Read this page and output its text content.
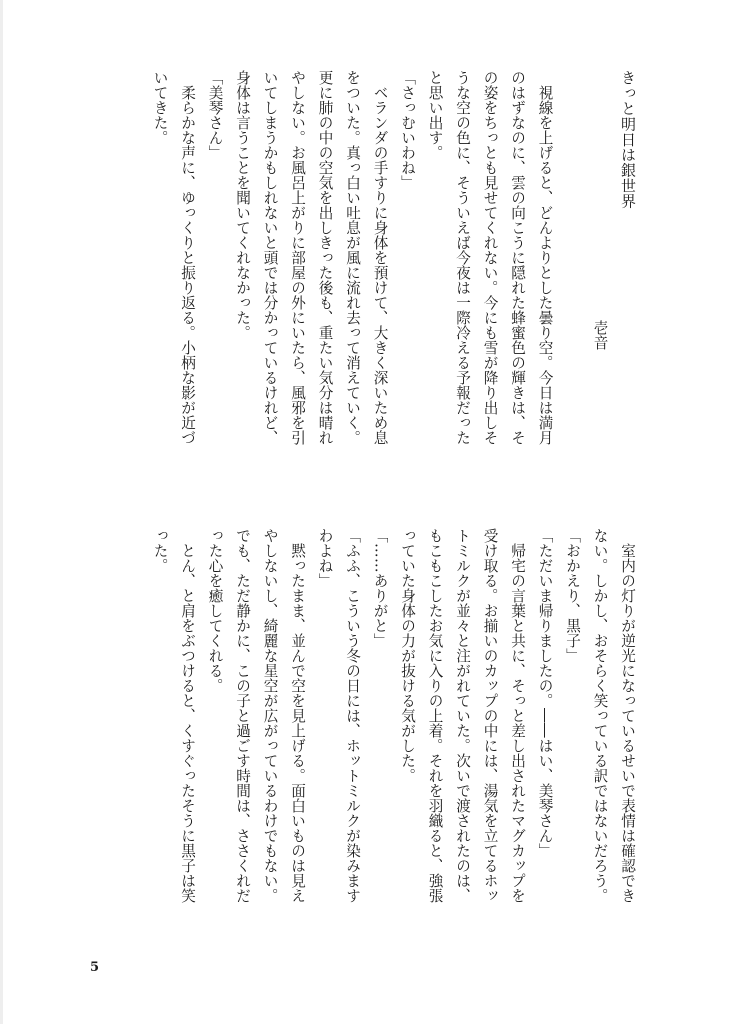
きっと明日は銀世界

壱音

視線を上げると、どんよりとした曇り空。今日は満月

のはずなのに、雲の向こうに隠れた蜂蜜色の輝きは、そ

の姿をちっとも見せてくれない。今にも雪が降り出しそ

うな空の色に、そういえば今夜は一際冷える予報だった

と思い出す。

「さっむいわね」

ベランダの手すりに身体を預けて、大きく深いため息

をついた。真っ白い吐息が風に流れ去って消えていく。

更に肺の中の空気を出しきった後も、重たい気分は晴れ

やしない。お風呂上がりに部屋の外にいたら、風邪を引

いてしまうかもしれないと頭では分かっているけれど、

身体は言うことを聞いてくれなかった。

「美琴さん」

柔らかな声に、ゆっくりと振り返る。小柄な影が近づ

いてきた。

室内の灯りが逆光になっているせいで表情は確認でき

ない。しかし、おそらく笑っている訳ではないだろう。

「おかえり、黒子」

「ただいま帰りましたの。――はい、美琴さん」

帰宅の言葉と共に、そっと差し出されたマグカップを

受け取る。お揃いのカップの中には、湯気を立てるホッ

トミルクが並々と注がれていた。次いで渡されたのは、

もこもこしたお気に入りの上着。それを羽織ると、強張

っていた身体の力が抜ける気がした。

「……ありがと」

「ふふ、こういう冬の日には、ホットミルクが染みます

わよね」

黙ったまま、並んで空を見上げる。面白いものは見え

やしないし、綺麗な星空が広がっているわけでもない。

でも、ただ静かに、この子と過ごす時間は、ささくれだ

った心を癒してくれる。

とん、と肩をぶつけると、くすぐったそうに黒子は笑

った。

5
